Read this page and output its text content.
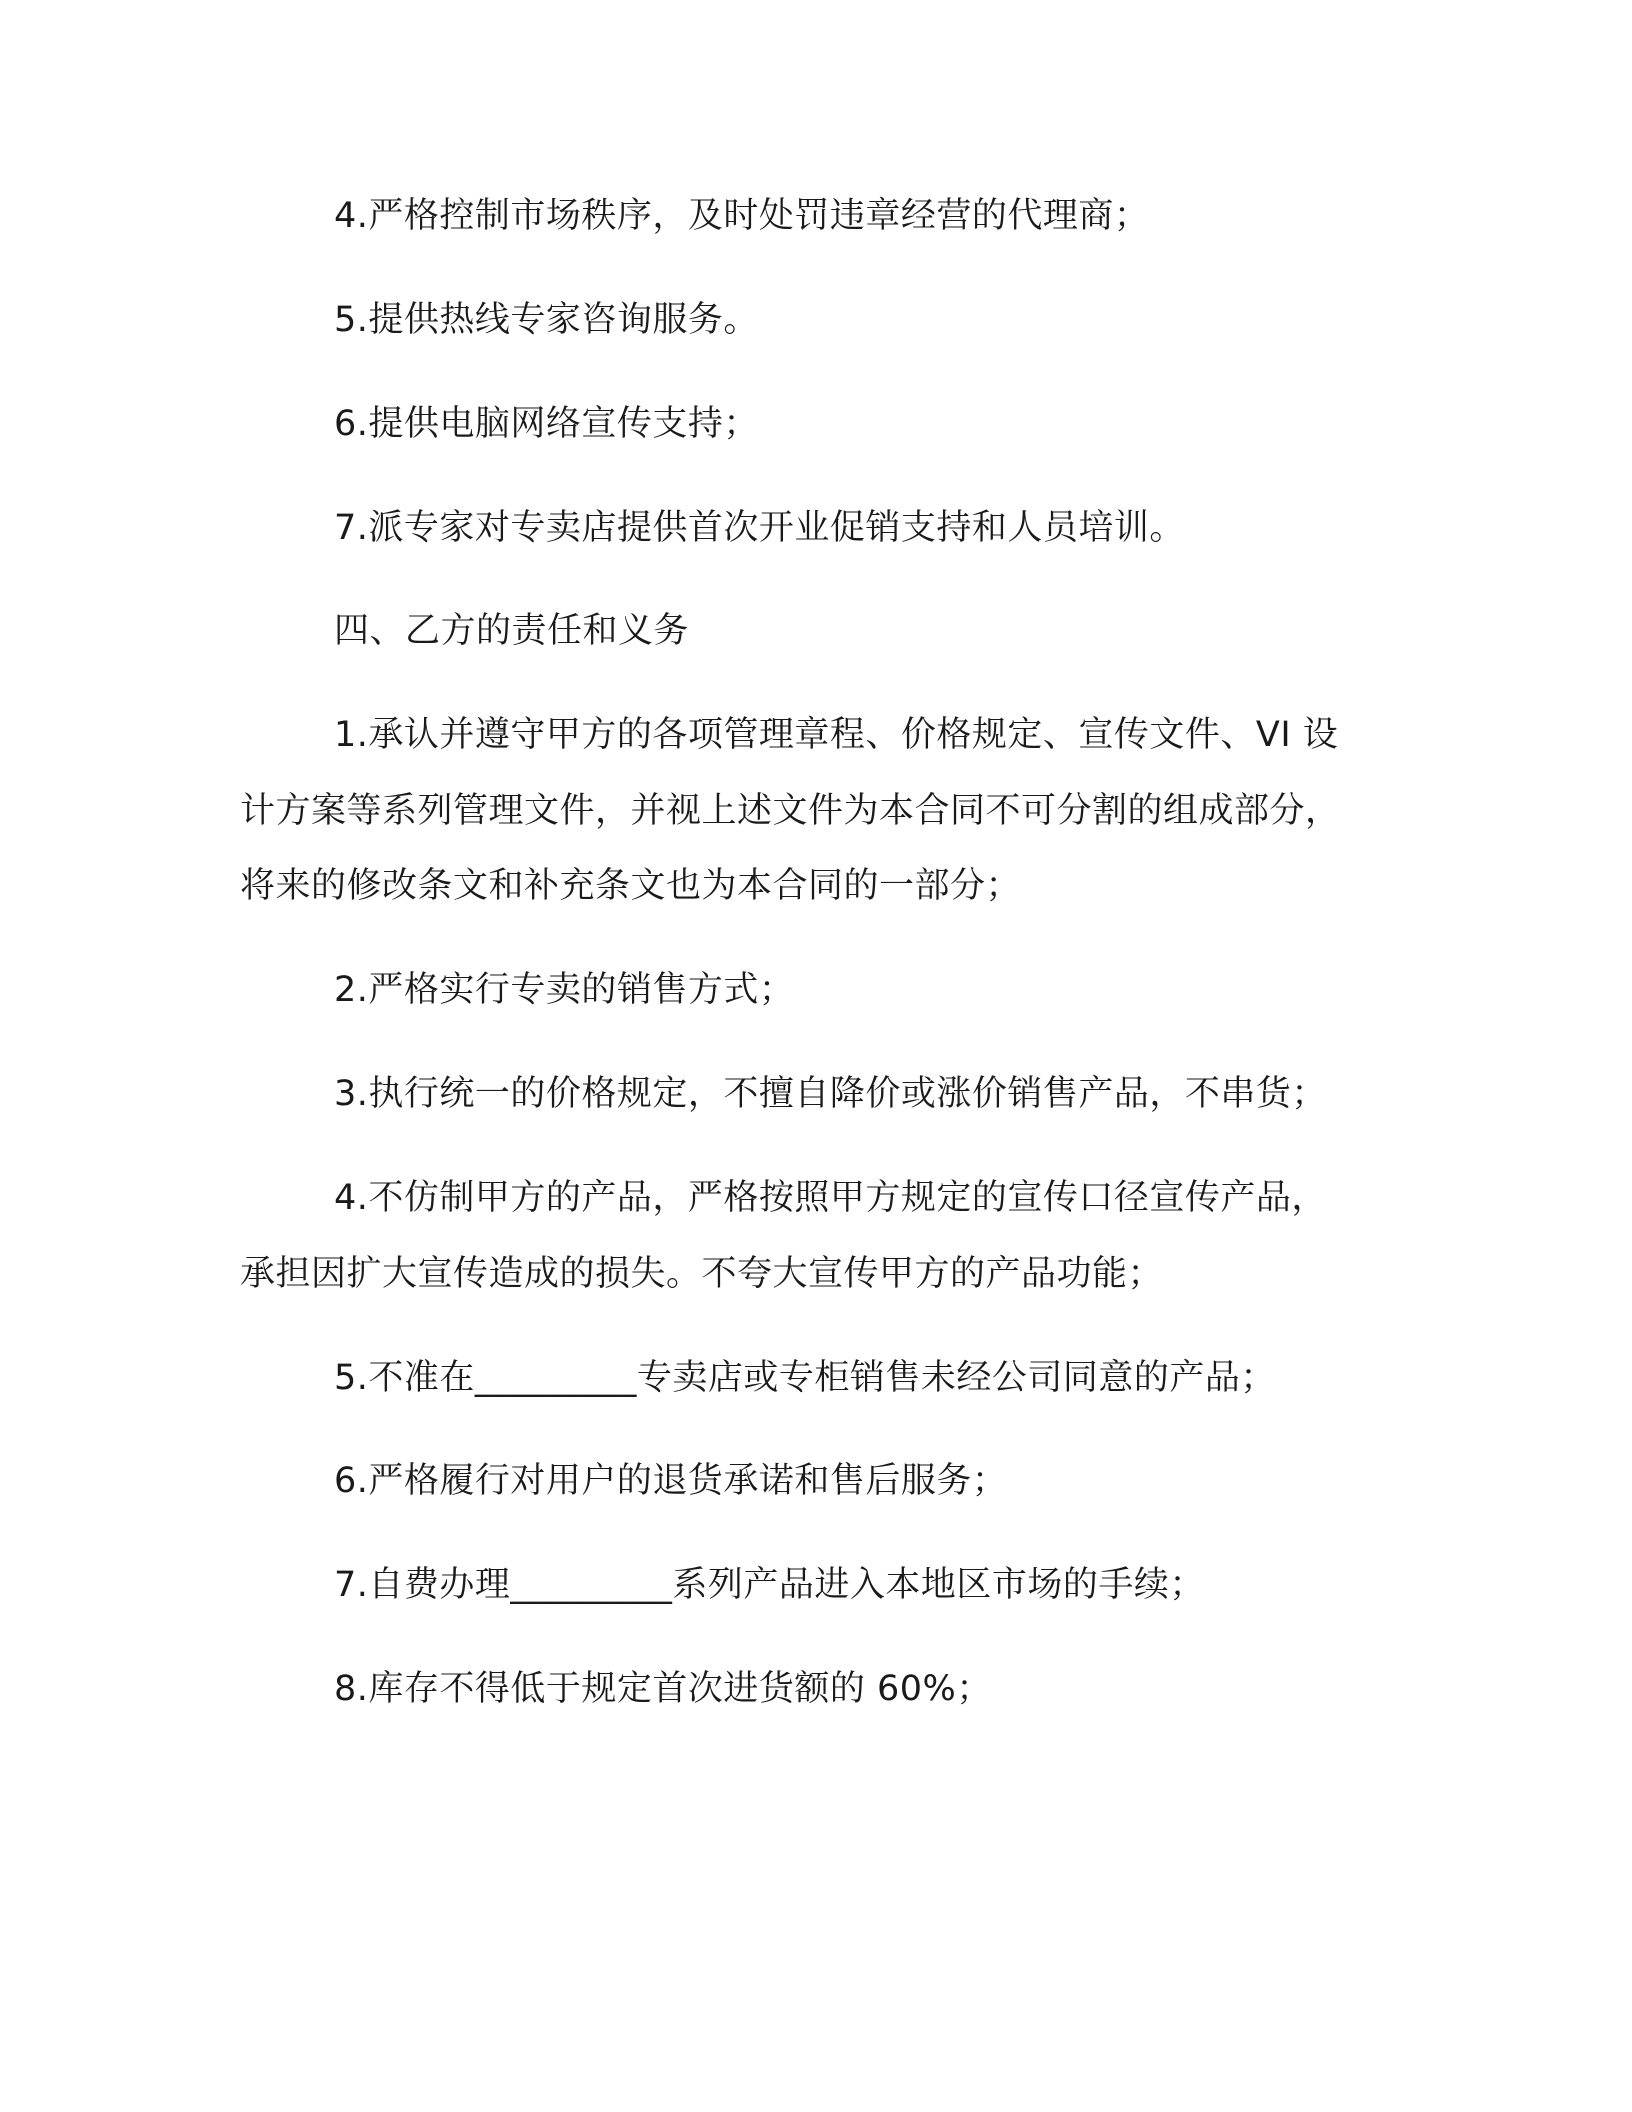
4.严格控制市场秩序，及时处罚违章经营的代理商；
5.提供热线专家咨询服务。
6.提供电脑网络宣传支持；
7.派专家对专卖店提供首次开业促销支持和人员培训。
四、乙方的责任和义务
1.承认并遵守甲方的各项管理章程、价格规定、宣传文件、VI 设
计方案等系列管理文件，并视上述文件为本合同不可分割的组成部分，
将来的修改条文和补充条文也为本合同的一部分；
2.严格实行专卖的销售方式；
3.执行统一的价格规定，不擅自降价或涨价销售产品，不串货；
4.不仿制甲方的产品，严格按照甲方规定的宣传口径宣传产品，
承担因扩大宣传造成的损失。不夸大宣传甲方的产品功能；
5.不准在_________专卖店或专柜销售未经公司同意的产品；
6.严格履行对用户的退货承诺和售后服务；
7.自费办理_________系列产品进入本地区市场的手续；
8.库存不得低于规定首次进货额的 60%；
